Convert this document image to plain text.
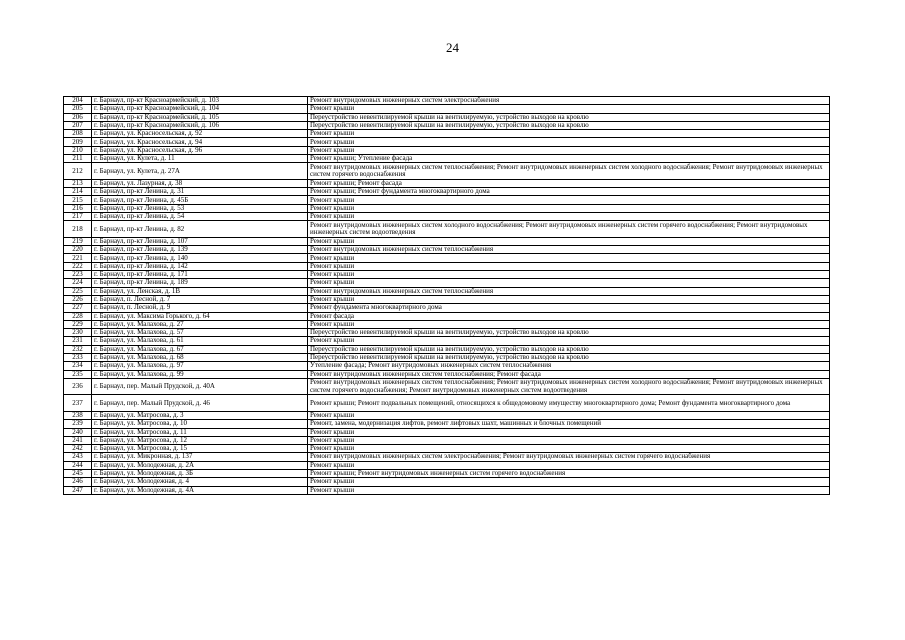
24
204	г. Барнаул, пр-кт Красноармейский, д. 103	Ремонт внутридомовых инженерных систем электроснабжения
205	г. Барнаул, пр-кт Красноармейский, д. 104	Ремонт крыши
206	г. Барнаул, пр-кт Красноармейский, д. 105	Переустройство невентилируемой крыши на вентилируемую, устройство выходов на кровлю
207	г. Барнаул, пр-кт Красноармейский, д. 106	Переустройство невентилируемой крыши на вентилируемую, устройство выходов на кровлю
208	г. Барнаул, ул. Красносельская, д. 92	Ремонт крыши
209	г. Барнаул, ул. Красносельская, д. 94	Ремонт крыши
210	г. Барнаул, ул. Красносельская, д. 96	Ремонт крыши
211	г. Барнаул, ул. Кулета, д. 11	Ремонт крыши; Утепление фасада
212	г. Барнаул, ул. Кулета, д. 27А	Ремонт внутридомовых инженерных систем теплоснабжения; Ремонт внутридомовых инженерных систем холодного водоснабжения; Ремонт внутридомовых инженерных систем горячего водоснабжения
213	г. Барнаул, ул. Лазурная, д. 38	Ремонт крыши; Ремонт фасада
214	г. Барнаул, пр-кт Ленина, д. 31	Ремонт крыши; Ремонт фундамента многоквартирного дома
215	г. Барнаул, пр-кт Ленина, д. 45Б	Ремонт крыши
216	г. Барнаул, пр-кт Ленина, д. 53	Ремонт крыши
217	г. Барнаул, пр-кт Ленина, д. 54	Ремонт крыши
218	г. Барнаул, пр-кт Ленина, д. 82	Ремонт внутридомовых инженерных систем холодного водоснабжения; Ремонт внутридомовых инженерных систем горячего водоснабжения; Ремонт внутридомовых инженерных систем водоотведения
219	г. Барнаул, пр-кт Ленина, д. 107	Ремонт крыши
220	г. Барнаул, пр-кт Ленина, д. 139	Ремонт внутридомовых инженерных систем теплоснабжения
221	г. Барнаул, пр-кт Ленина, д. 140	Ремонт крыши
222	г. Барнаул, пр-кт Ленина, д. 142	Ремонт крыши
223	г. Барнаул, пр-кт Ленина, д. 171	Ремонт крыши
224	г. Барнаул, пр-кт Ленина, д. 189	Ремонт крыши
225	г. Барнаул, ул. Ленская, д. 1В	Ремонт внутридомовых инженерных систем теплоснабжения
226	г. Барнаул, п. Лесной, д. 7	Ремонт крыши
227	г. Барнаул, п. Лесной, д. 9	Ремонт фундамента многоквартирного дома
228	г. Барнаул, ул. Максима Горького, д. 64	Ремонт фасада
229	г. Барнаул, ул. Малахова, д. 27	Ремонт крыши
230	г. Барнаул, ул. Малахова, д. 57	Переустройство невентилируемой крыши на вентилируемую, устройство выходов на кровлю
231	г. Барнаул, ул. Малахова, д. 61	Ремонт крыши
232	г. Барнаул, ул. Малахова, д. 67	Переустройство невентилируемой крыши на вентилируемую, устройство выходов на кровлю
233	г. Барнаул, ул. Малахова, д. 68	Переустройство невентилируемой крыши на вентилируемую, устройство выходов на кровлю
234	г. Барнаул, ул. Малахова, д. 97	Утепление фасада; Ремонт внутридомовых инженерных систем теплоснабжения
235	г. Барнаул, ул. Малахова, д. 99	Ремонт внутридомовых инженерных систем теплоснабжения; Ремонт фасада
236	г. Барнаул, пер. Малый Прудской, д. 40А	Ремонт внутридомовых инженерных систем теплоснабжения; Ремонт внутридомовых инженерных систем холодного водоснабжения; Ремонт внутридомовых инженерных систем горячего водоснабжения; Ремонт внутридомовых инженерных систем водоотведения
237	г. Барнаул, пер. Малый Прудской, д. 46	Ремонт крыши; Ремонт подвальных помещений, относящихся к общедомовому имуществу многоквартирного дома; Ремонт фундамента многоквартирного дома
238	г. Барнаул, ул. Матросова, д. 3	Ремонт крыши
239	г. Барнаул, ул. Матросова, д. 10	Ремонт, замена, модернизация лифтов, ремонт лифтовых шахт, машинных и блочных помещений
240	г. Барнаул, ул. Матросова, д. 11	Ремонт крыши
241	г. Барнаул, ул. Матросова, д. 12	Ремонт крыши
242	г. Барнаул, ул. Матросова, д. 15	Ремонт крыши
243	г. Барнаул, ул. Микронная, д. 137	Ремонт внутридомовых инженерных систем электроснабжения; Ремонт внутридомовых инженерных систем горячего водоснабжения
244	г. Барнаул, ул. Молодежная, д. 2А	Ремонт крыши
245	г. Барнаул, ул. Молодежная, д. 3Б	Ремонт крыши; Ремонт внутридомовых инженерных систем горячего водоснабжения
246	г. Барнаул, ул. Молодежная, д. 4	Ремонт крыши
247	г. Барнаул, ул. Молодежная, д. 4А	Ремонт крыши
